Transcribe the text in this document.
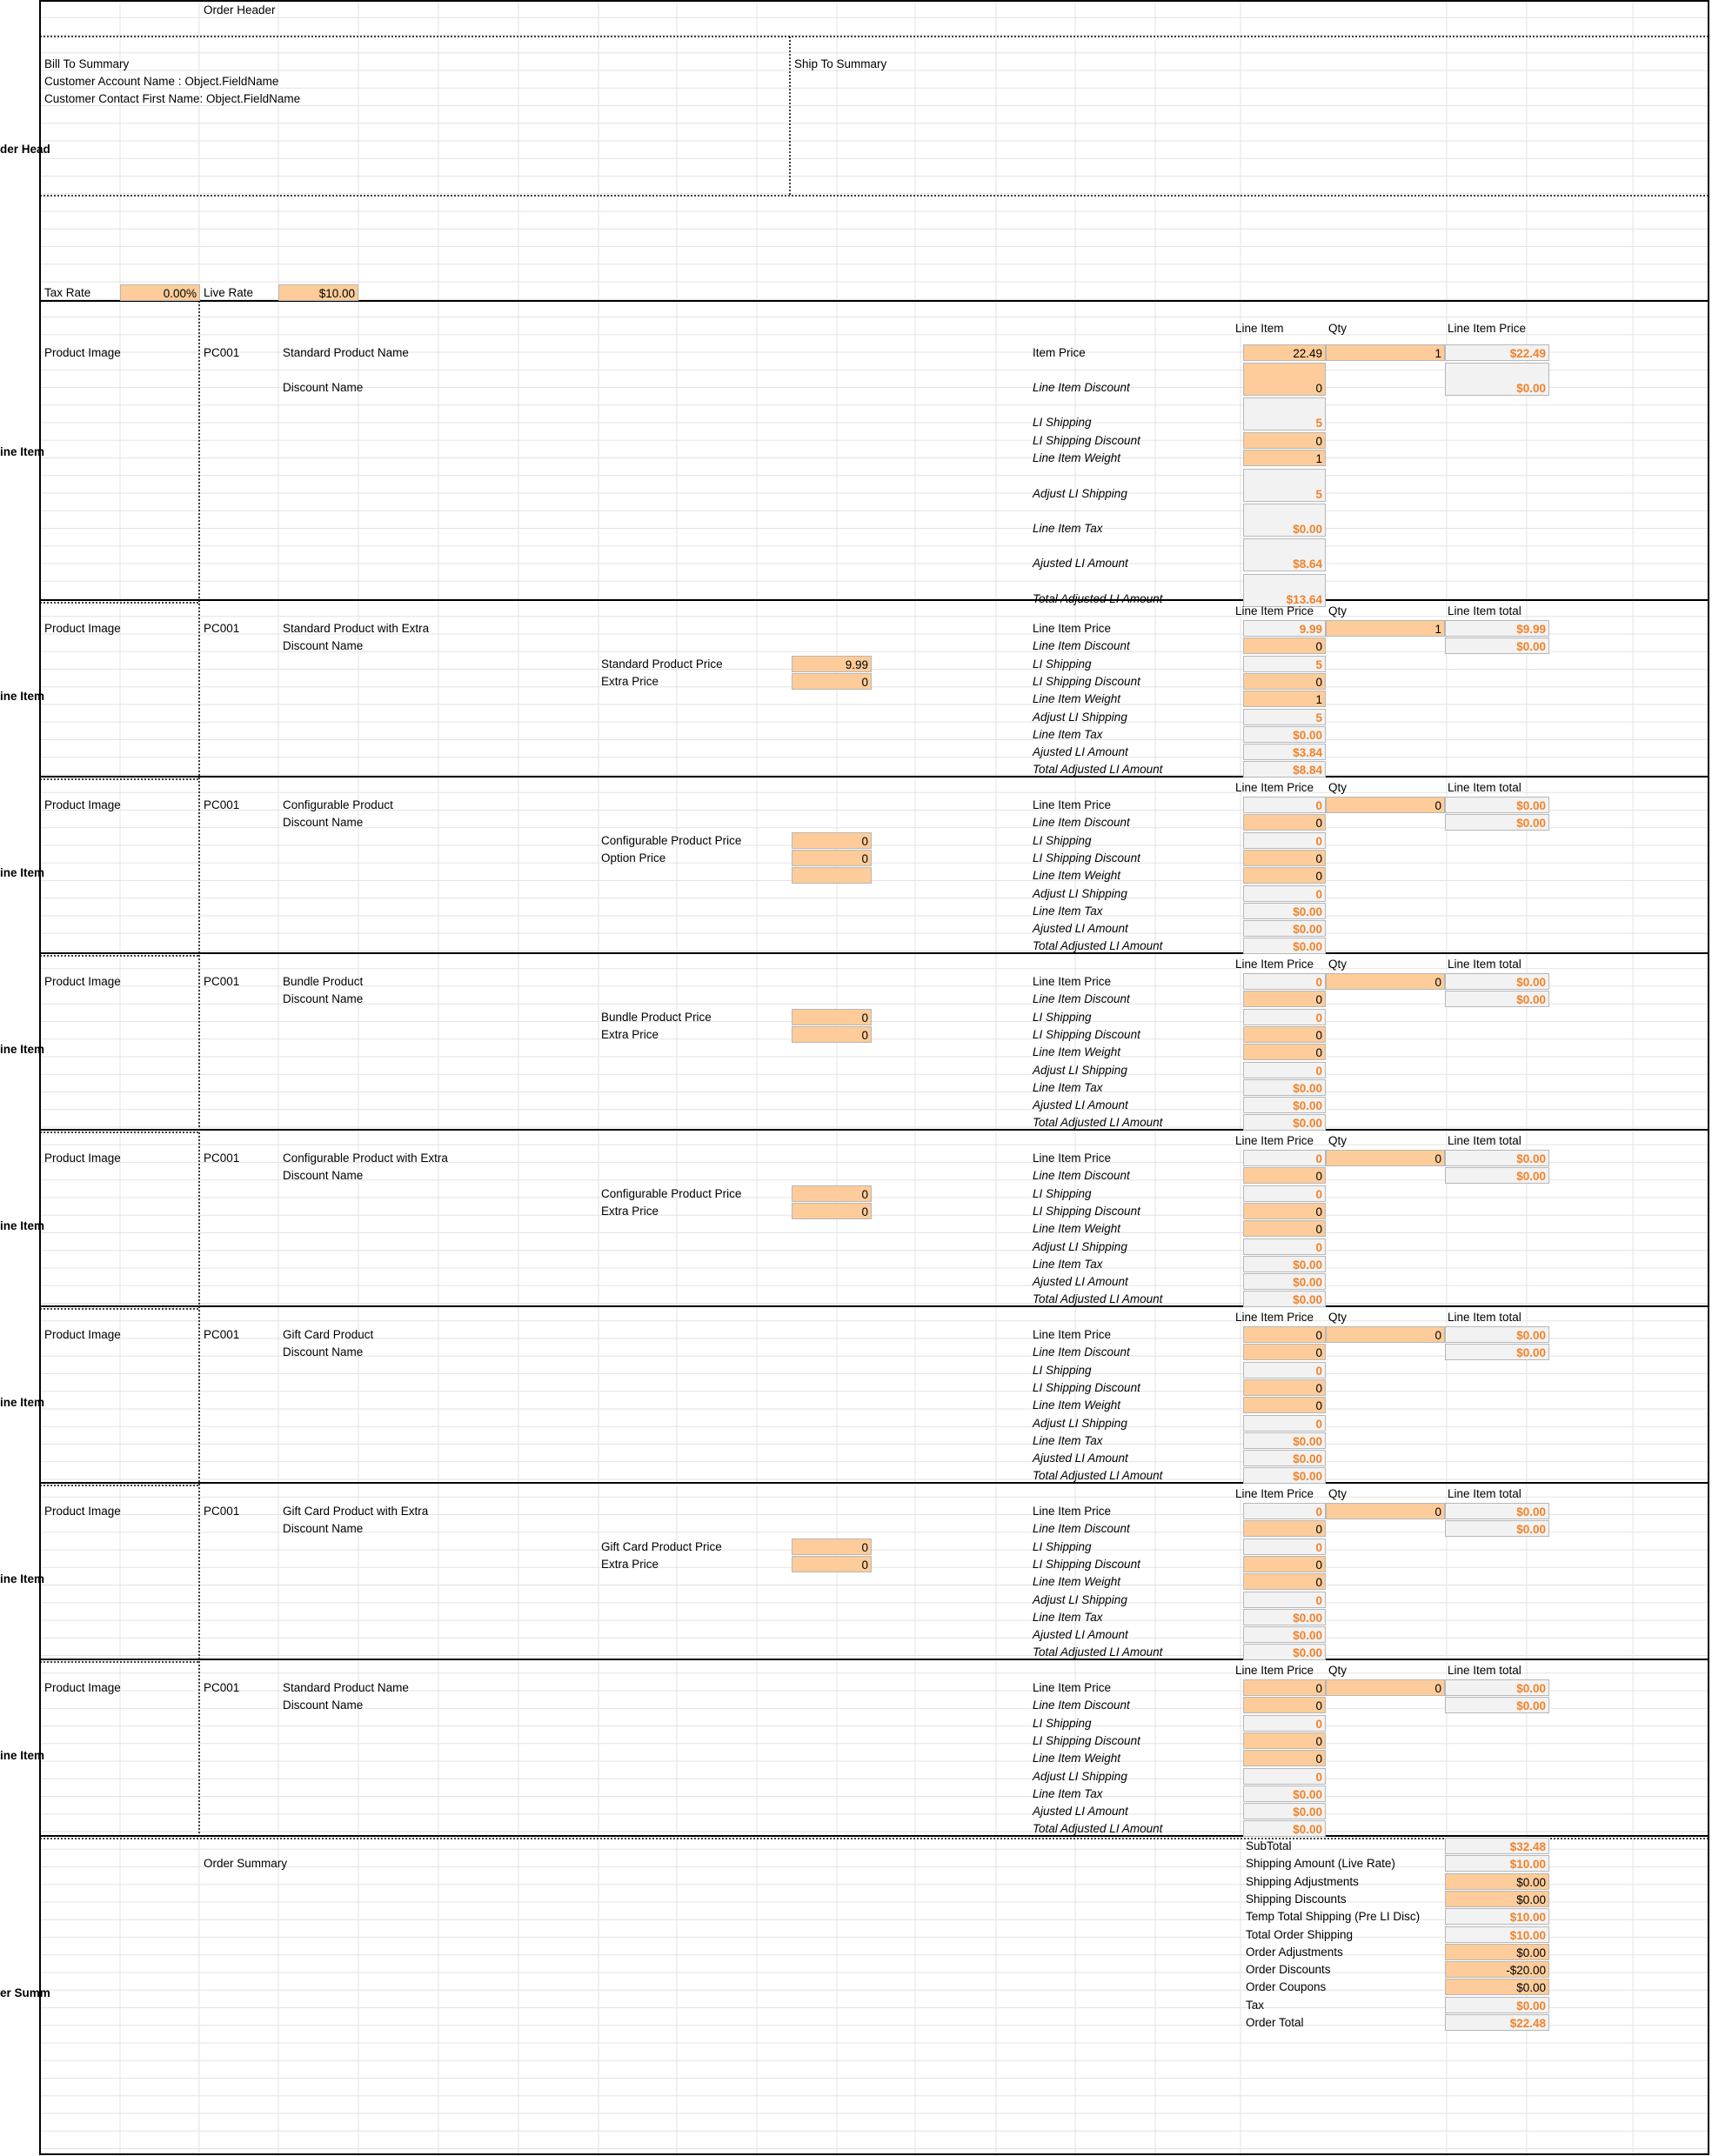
Order Header
der Head
Bill To Summary
Customer Account Name : Object.FieldName
Customer Contact First Name: Object.FieldName
Ship To Summary
Tax Rate	0.00% Live Rate	$10.00
ine Item
Line Item	Qty	Line Item Price
Product Image	PC001	Standard Product Name
Discount Name
Item Price	22.49	1	$22.49
Line Item Discount	0	$0.00
LI Shipping	5
LI Shipping Discount	0
Line Item Weight	1
Adjust LI Shipping	5
Line Item Tax	$0.00
Ajusted LI Amount	$8.64
Total Adjusted LI Amount	$13.64
ine Item
Line Item Price Qty	Line Item total
Product Image	PC001	Standard Product with Extra
Discount Name
Standard Product Price	9.99
Extra Price	0
Line Item Price	9.99	1	$9.99
Line Item Discount	0	$0.00
LI Shipping	5
LI Shipping Discount	0
Line Item Weight	1
Adjust LI Shipping	5
Line Item Tax	$0.00
Ajusted LI Amount	$3.84
Total Adjusted LI Amount	$8.84
ine Item
Line Item Price Qty	Line Item total
Product Image	PC001	Configurable Product
Discount Name
Configurable Product Price	0
Option Price	0
Line Item Price	0	0	$0.00
Line Item Discount	0	$0.00
LI Shipping	0
LI Shipping Discount	0
Line Item Weight	0
Adjust LI Shipping	0
Line Item Tax	$0.00
Ajusted LI Amount	$0.00
Total Adjusted LI Amount	$0.00
ine Item
Line Item Price Qty	Line Item total
Product Image	PC001	Bundle Product
Discount Name
Bundle Product Price	0
Extra Price	0
Line Item Price	0	0	$0.00
Line Item Discount	0	$0.00
LI Shipping	0
LI Shipping Discount	0
Line Item Weight	0
Adjust LI Shipping	0
Line Item Tax	$0.00
Ajusted LI Amount	$0.00
Total Adjusted LI Amount	$0.00
ine Item
Line Item Price Qty	Line Item total
Product Image	PC001	Configurable Product with Extra
Discount Name
Configurable Product Price	0
Extra Price	0
Line Item Price	0	0	$0.00
Line Item Discount	0	$0.00
LI Shipping	0
LI Shipping Discount	0
Line Item Weight	0
Adjust LI Shipping	0
Line Item Tax	$0.00
Ajusted LI Amount	$0.00
Total Adjusted LI Amount	$0.00
ine Item
Line Item Price Qty	Line Item total
Product Image	PC001	Gift Card Product
Discount Name
Line Item Price	0	0	$0.00
Line Item Discount	0	$0.00
LI Shipping	0
LI Shipping Discount	0
Line Item Weight	0
Adjust LI Shipping	0
Line Item Tax	$0.00
Ajusted LI Amount	$0.00
Total Adjusted LI Amount	$0.00
ine Item
Line Item Price Qty	Line Item total
Product Image	PC001	Gift Card Product with Extra
Discount Name
Gift Card Product Price	0
Extra Price	0
Line Item Price	0	0	$0.00
Line Item Discount	0	$0.00
LI Shipping	0
LI Shipping Discount	0
Line Item Weight	0
Adjust LI Shipping	0
Line Item Tax	$0.00
Ajusted LI Amount	$0.00
Total Adjusted LI Amount	$0.00
ine Item
Line Item Price Qty	Line Item total
Product Image	PC001	Standard Product Name
Discount Name
Line Item Price	0	0	$0.00
Line Item Discount	0	$0.00
LI Shipping	0
LI Shipping Discount	0
Line Item Weight	0
Adjust LI Shipping	0
Line Item Tax	$0.00
Ajusted LI Amount	$0.00
Total Adjusted LI Amount	$0.00
er Summ
Order Summary
SubTotal	$32.48
Shipping Amount (Live Rate)	$10.00
Shipping Adjustments	$0.00
Shipping Discounts	$0.00
Temp Total Shipping (Pre LI Disc)	$10.00
Total Order Shipping	$10.00
Order Adjustments	$0.00
Order Discounts	-$20.00
Order Coupons	$0.00
Tax	$0.00
Order Total	$22.48
